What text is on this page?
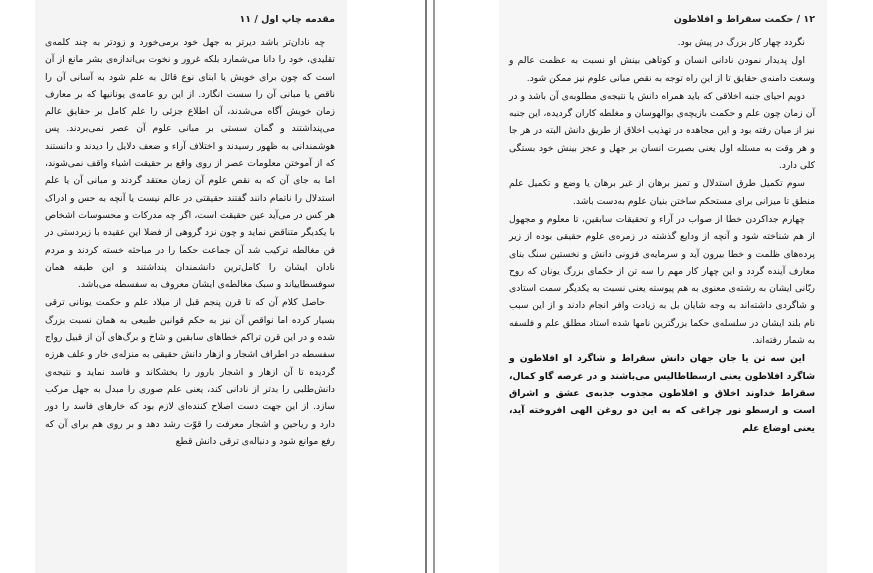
مقدمه چاپ اول / ۱۱

چه نادان‌تر باشد دیرتر به جهل خود برمی‌خورد و زودتر به چند کلمه‌ی تقلیدی، خود را دانا می‌شمارد بلکه غرور و نخوت بی‌اندازه‌ی بشر مانع از آن است که چون برای خویش یا ابنای نوع قائل به علم شود به آسانی آن را ناقص یا مبانی آن را سست انگارد. از این رو عامه‌ی یونانیها که بر معارف زمان خویش آگاه می‌شدند، آن اطلاع جزئی را علم کامل بر حقایق عالم می‌پنداشتند و گمان سستی بر مبانی علوم آن عصر نمی‌بردند. پس هوشمندانی به ظهور رسیدند و اختلاف آراء و ضعف دلایل را دیدند و دانستند که از آموختن معلومات عصر از روی واقع بر حقیقت اشیاء واقف نمی‌شوند، اما به جای آن که به نقص علوم آن زمان معتقد گردند و مبانی آن یا علم استدلال را ناتمام دانند گفتند حقیقتی در عالم نیست یا آنچه به حس و ادراک هر کس در می‌آید عین حقیقت است، اگر چه مدرکات و محسوسات اشخاص با یکدیگر متناقض نماید و چون نزد گروهی از فضلا این عقیده با زبردستی در فن مغالطه ترکیب شد آن جماعت حکما را در مباحثه خسته کردند و مردم نادان ایشان را کامل‌ترین دانشمندان پنداشتند و این طبقه همان سوفسطاییاند و سبک مغالطه‌ی ایشان معروف به سفسطه می‌باشد.

حاصل کلام آن که تا قرن پنجم قبل از میلاد علم و حکمت یونانی ترقی بسیار کرده اما نواقص آن نیز به حکم قوانین طبیعی به همان نسبت بزرگ شده و در این قرن تراکم خطاهای سابقین و شاخ و برگ‌های آن از قبیل رواج سفسطه در اطراف اشجار و ازهار دانش حقیقی به منزله‌ی خار و علف هرزه گردیده تا آن ازهار و اشجار بارور را بخشکاند و فاسد نماید و نتیجه‌ی دانش‌طلبی را بدتر از نادانی کند، یعنی علم صوری را مبدل به جهل مرکب سازد. از این جهت دست اصلاح کننده‌ای لازم بود که خارهای فاسد را دور دارد و ریاحین و اشجار معرفت را قوّت رشد دهد و بر روی هم برای آن که رفع موانع شود و دنباله‌ی ترقی دانش قطع

۱۲ / حکمت سقراط و افلاطون

نگردد چهار کار بزرگ در پیش بود.

اول پدیدار نمودن نادانی انسان و کوتاهی بینش او نسبت به عظمت عالم و وسعت دامنه‌ی حقایق تا از این راه توجه به نقص مبانی علوم نیز ممکن شود.

دویم احیای جنبه اخلاقی که باید همراه دانش یا نتیجه‌ی مطلوبه‌ی آن باشد و در آن زمان چون علم و حکمت بازیچه‌ی بوالهوسان و مغلطه کاران گردیده، این جنبه نیز از میان رفته بود و این مجاهده در تهذیب اخلاق از طریق دانش البته در هر جا و هر وقت به مسئله اول یعنی بصیرت انسان بر جهل و عجز بینش خود بستگی کلی دارد.

سوم تکمیل طرق استدلال و تمیز برهان از غیر برهان یا وضع و تکمیل علم منطق تا میزانی برای مستحکم ساختن بنیان علوم به‌دست باشد.

چهارم جداکردن خطا از صواب در آراء و تحقیقات سابقین، تا معلوم و مجهول از هم شناخته شود و آنچه از ودایع گذشته در زمره‌ی علوم حقیقی بوده از زیر پرده‌های ظلمت و خطا بیرون آید و سرمایه‌ی فزونی دانش و نخستین سنگ بنای معارف آینده گردد و این چهار کار مهم را سه تن از حکمای بزرگ یونان که روح ربّانی ایشان به رشته‌ی معنوی به هم پیوسته یعنی نسبت به یکدیگر سمت استادی و شاگردی داشته‌اند به وجه شایان بل به زیادت وافر انجام دادند و از این سبب نام بلند ایشان در سلسله‌ی حکما بزرگترین نامها شده استاد مطلق علم و فلسفه به شمار رفته‌اند.

این سه تن یا جان جهان دانش سقراط و شاگرد او افلاطون و شاگرد افلاطون یعنی ارسطاطالیس می‌باشند و در عرصه گاو کمال، سقراط خداوند اخلاق و افلاطون مجذوب جذبه‌ی عشق و اشراق است و ارسطو نور چراغی که به این دو روغن الهی افروخته آید، یعنی اوضاع علم
